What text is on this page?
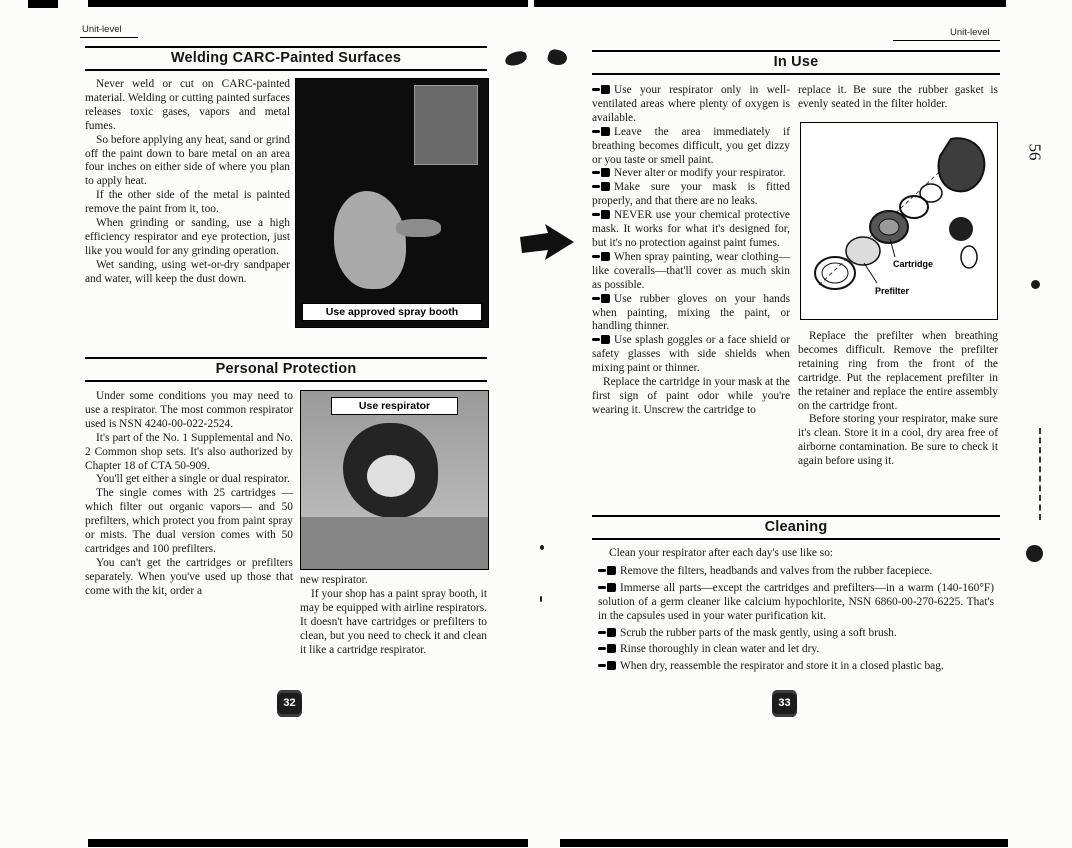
Unit-level	Unit-level
Welding CARC-Painted Surfaces

Never weld or cut on CARC-painted material. Welding or cutting painted surfaces releases toxic gases, vapors and metal fumes.

So before applying any heat, sand or grind off the paint down to bare metal on an area four inches on either side of where you plan to apply heat.

If the other side of the metal is painted remove the paint from it, too.

When grinding or sanding, use a high efficiency respirator and eye protection, just like you would for any grinding operation.

Wet sanding, using wet-or-dry sandpaper and water, will keep the dust down.

Use approved spray booth
Personal Protection

Under some conditions you may need to use a respirator. The most common respirator used is NSN 4240-00-022-2524.

It's part of the No. 1 Supplemental and No. 2 Common shop sets. It's also authorized by Chapter 18 of CTA 50-909.

You'll get either a single or dual respirator.

The single comes with 25 cartridges —which filter out organic vapors— and 50 prefilters, which protect you from paint spray or mists. The dual version comes with 50 cartridges and 100 prefilters.

You can't get the cartridges or prefilters separately. When you've used up those that come with the kit, order a

Use respirator

new respirator.

If your shop has a paint spray booth, it may be equipped with airline respirators. It doesn't have cartridges or prefilters to clean, but you need to check it and clean it like a cartridge respirator.

32
In Use

Use your respirator only in well-ventilated areas where plenty of oxygen is available.

Leave the area immediately if breathing becomes difficult, you get dizzy or you taste or smell paint.

Never alter or modify your respirator.

Make sure your mask is fitted properly, and that there are no leaks.

NEVER use your chemical protective mask. It works for what it's designed for, but it's no protection against paint fumes.

When spray painting, wear clothing—like coveralls—that'll cover as much skin as possible.

Use rubber gloves on your hands when painting, mixing the paint, or handling thinner.

Use splash goggles or a face shield or safety glasses with side shields when mixing paint or thinner.

Replace the cartridge in your mask at the first sign of paint odor while you're wearing it. Unscrew the cartridge to

replace it. Be sure the rubber gasket is evenly seated in the filter holder.

Cartridge
Prefilter

Replace the prefilter when breathing becomes difficult. Remove the prefilter retaining ring from the front of the cartridge. Put the replacement prefilter in the retainer and replace the entire assembly on the cartridge front.

Before storing your respirator, make sure it's clean. Store it in a cool, dry area free of airborne contamination. Be sure to check it again before using it.

Cleaning

Clean your respirator after each day's use like so:

Remove the filters, headbands and valves from the rubber facepiece.

Immerse all parts—except the cartridges and prefilters—in a warm (140-160°F) solution of a germ cleaner like calcium hypochlorite, NSN 6860-00-270-6225. That's in the capsules used in your water purification kit.

Scrub the rubber parts of the mask gently, using a soft brush.

Rinse thoroughly in clean water and let dry.

When dry, reassemble the respirator and store it in a closed plastic bag.

33
56
